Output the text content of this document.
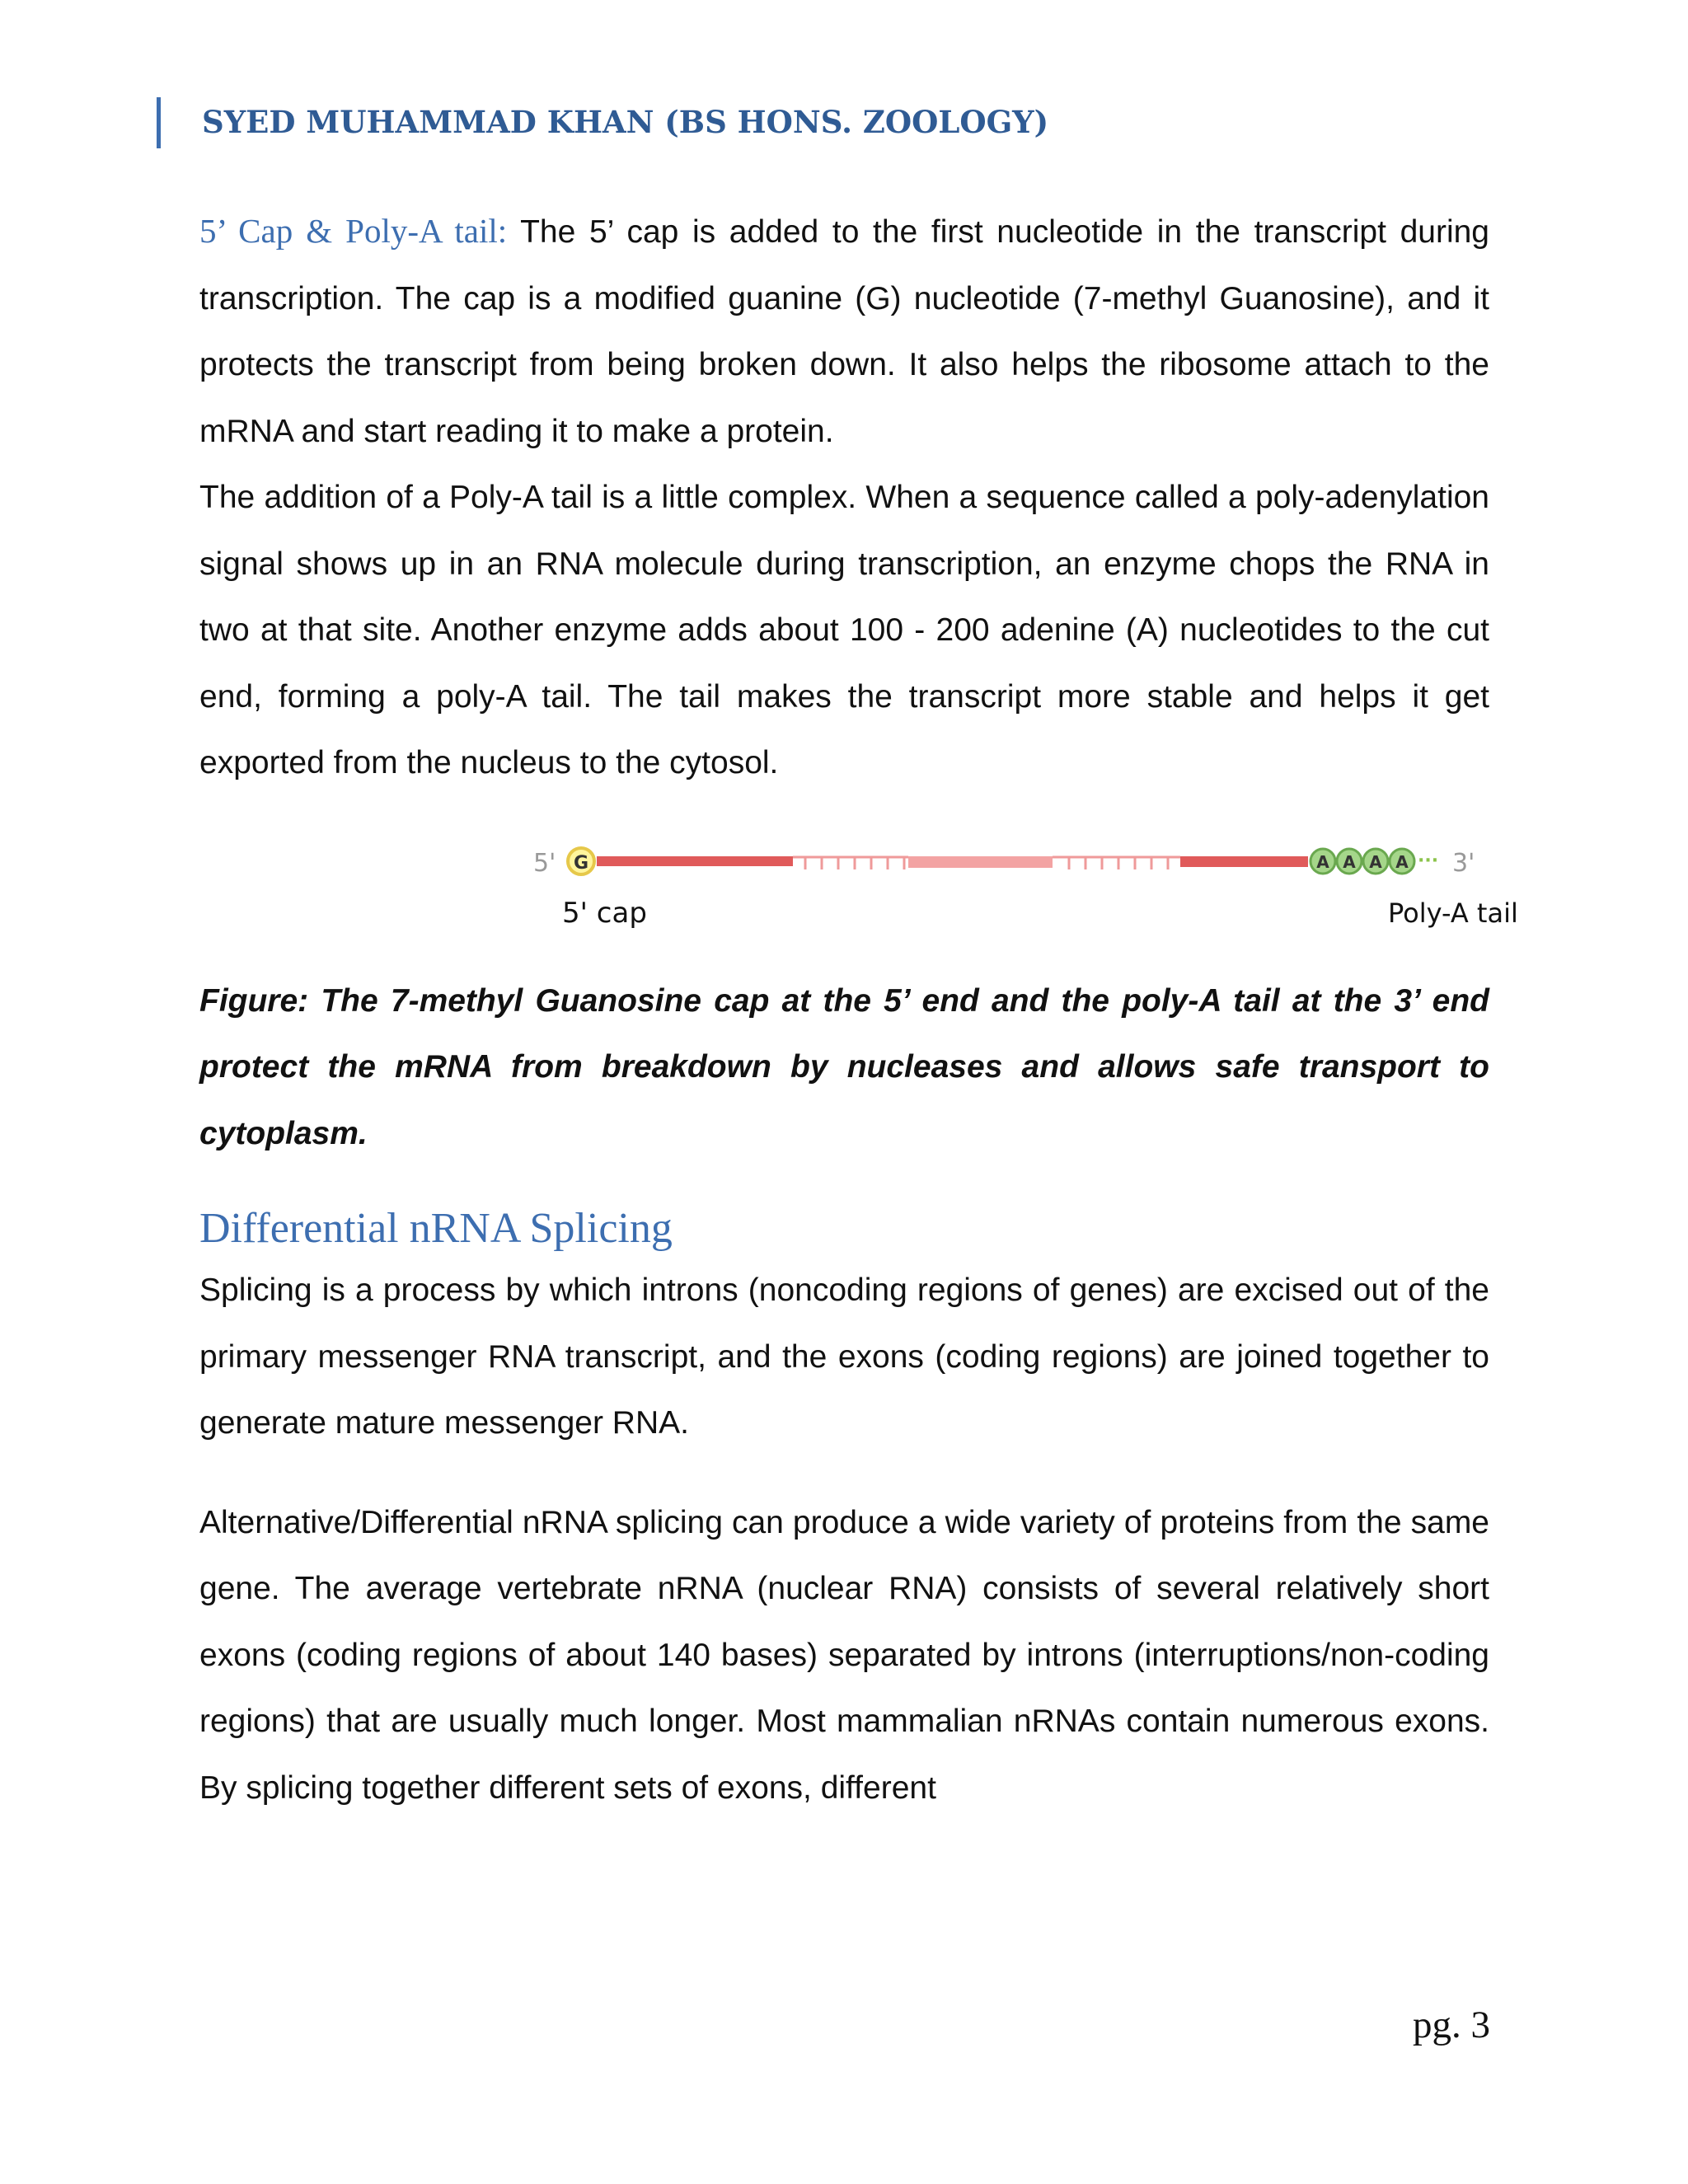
SYED MUHAMMAD KHAN (BS HONS. ZOOLOGY)

5’ Cap & Poly-A tail: The 5’ cap is added to the first nucleotide in the transcript during transcription. The cap is a modified guanine (G) nucleotide (7-methyl Guanosine), and it protects the transcript from being broken down. It also helps the ribosome attach to the mRNA and start reading it to make a protein.

The addition of a Poly-A tail is a little complex. When a sequence called a poly-adenylation signal shows up in an RNA molecule during transcription, an enzyme chops the RNA in two at that site. Another enzyme adds about 100 - 200 adenine (A) nucleotides to the cut end, forming a poly-A tail. The tail makes the transcript more stable and helps it get exported from the nucleus to the cytosol.

5' G	A A A A ··· 3'
5' cap	Poly-A tail

Figure: The 7-methyl Guanosine cap at the 5’ end and the poly-A tail at the 3’ end protect the mRNA from breakdown by nucleases and allows safe transport to cytoplasm.

Differential nRNA Splicing

Splicing is a process by which introns (noncoding regions of genes) are excised out of the primary messenger RNA transcript, and the exons (coding regions) are joined together to generate mature messenger RNA.

Alternative/Differential nRNA splicing can produce a wide variety of proteins from the same gene. The average vertebrate nRNA (nuclear RNA) consists of several relatively short exons (coding regions of about 140 bases) separated by introns (interruptions/non-coding regions) that are usually much longer. Most mammalian nRNAs contain numerous exons. By splicing together different sets of exons, different

pg. 3
